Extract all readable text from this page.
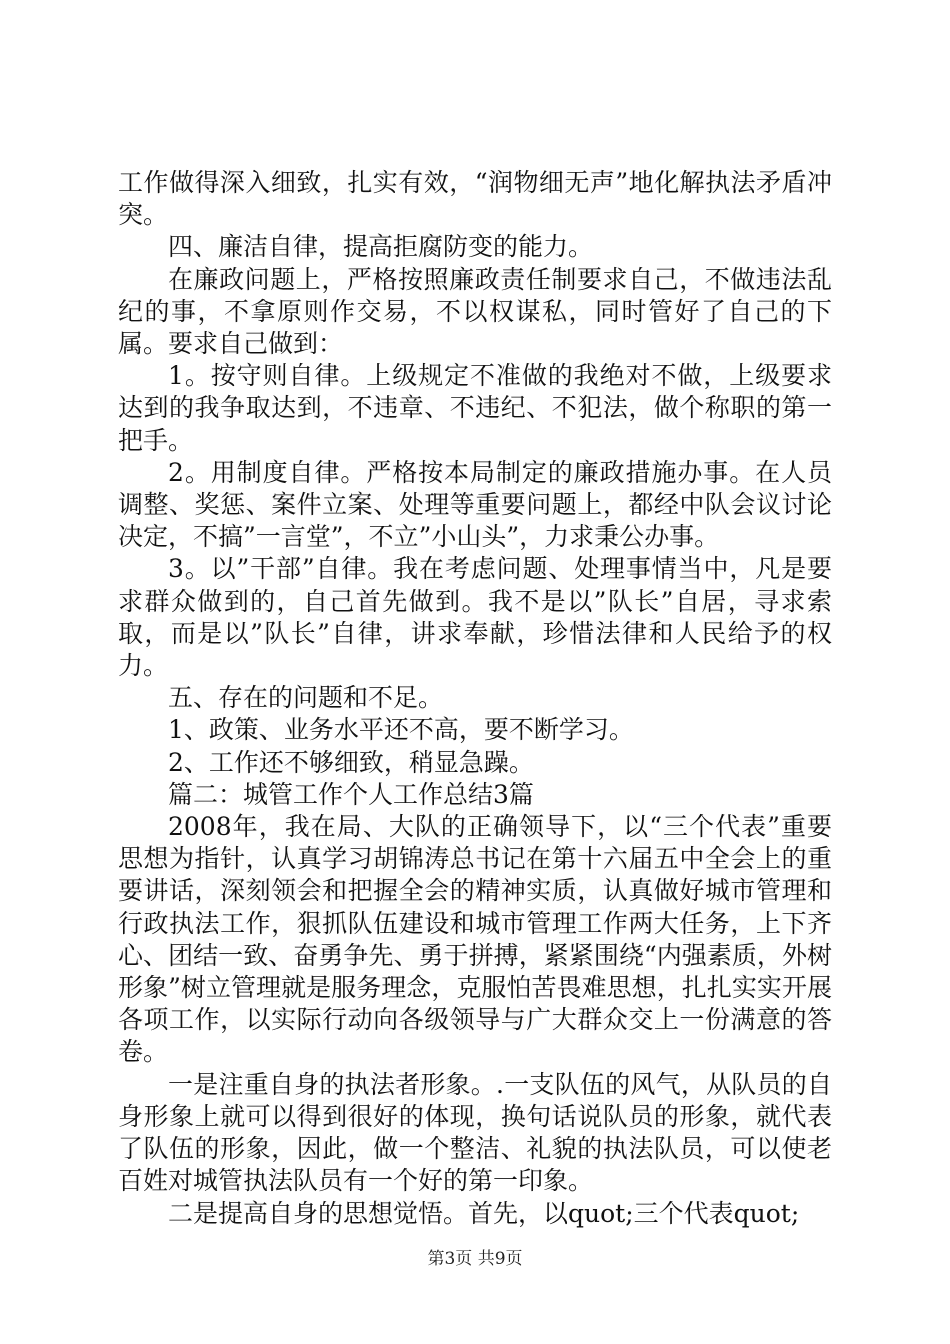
工作做得深入细致，扎实有效，“润物细无声”地化解执法矛盾冲突。

四、廉洁自律，提高拒腐防变的能力。

在廉政问题上，严格按照廉政责任制要求自己，不做违法乱纪的事，不拿原则作交易，不以权谋私，同时管好了自己的下属。要求自己做到：

1。按守则自律。上级规定不准做的我绝对不做，上级要求达到的我争取达到，不违章、不违纪、不犯法，做个称职的第一把手。

2。用制度自律。严格按本局制定的廉政措施办事。在人员调整、奖惩、案件立案、处理等重要问题上，都经中队会议讨论决定，不搞”一言堂”，不立”小山头”，力求秉公办事。

3。以”干部”自律。我在考虑问题、处理事情当中，凡是要求群众做到的，自己首先做到。我不是以”队长”自居，寻求索取，而是以”队长”自律，讲求奉献，珍惜法律和人民给予的权力。

五、存在的问题和不足。

1、政策、业务水平还不高，要不断学习。

2、工作还不够细致，稍显急躁。

篇二：城管工作个人工作总结3篇

2008年，我在局、大队的正确领导下，以“三个代表”重要思想为指针，认真学习胡锦涛总书记在第十六届五中全会上的重要讲话，深刻领会和把握全会的精神实质，认真做好城市管理和行政执法工作，狠抓队伍建设和城市管理工作两大任务，上下齐心、团结一致、奋勇争先、勇于拼搏，紧紧围绕“内强素质，外树形象”树立管理就是服务理念，克服怕苦畏难思想，扎扎实实开展各项工作，以实际行动向各级领导与广大群众交上一份满意的答卷。

一是注重自身的执法者形象。.一支队伍的风气，从队员的自身形象上就可以得到很好的体现，换句话说队员的形象，就代表了队伍的形象，因此，做一个整洁、礼貌的执法队员，可以使老百姓对城管执法队员有一个好的第一印象。

二是提高自身的思想觉悟。首先，以quot;三个代表quot;

第3页 共9页
